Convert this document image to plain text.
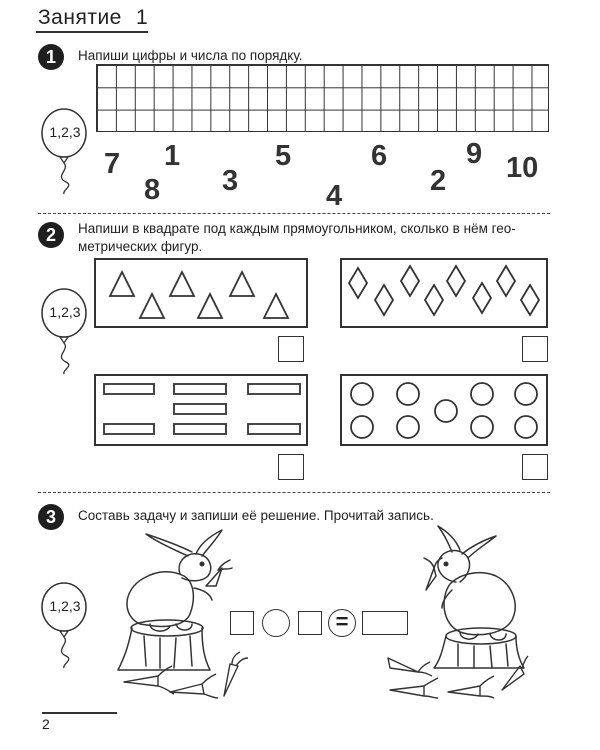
Занятие 1
1	Напиши цифры и числа по порядку.
1,2,3
7
8
1
3
5
4
6
2
9 10
2	Напиши в квадрате под каждым прямоугольником, сколько в нём гео-
метрических фигур.
1,2,3
3	Составь задачу и запиши её решение. Прочитай запись.
1,2,3
=
2
